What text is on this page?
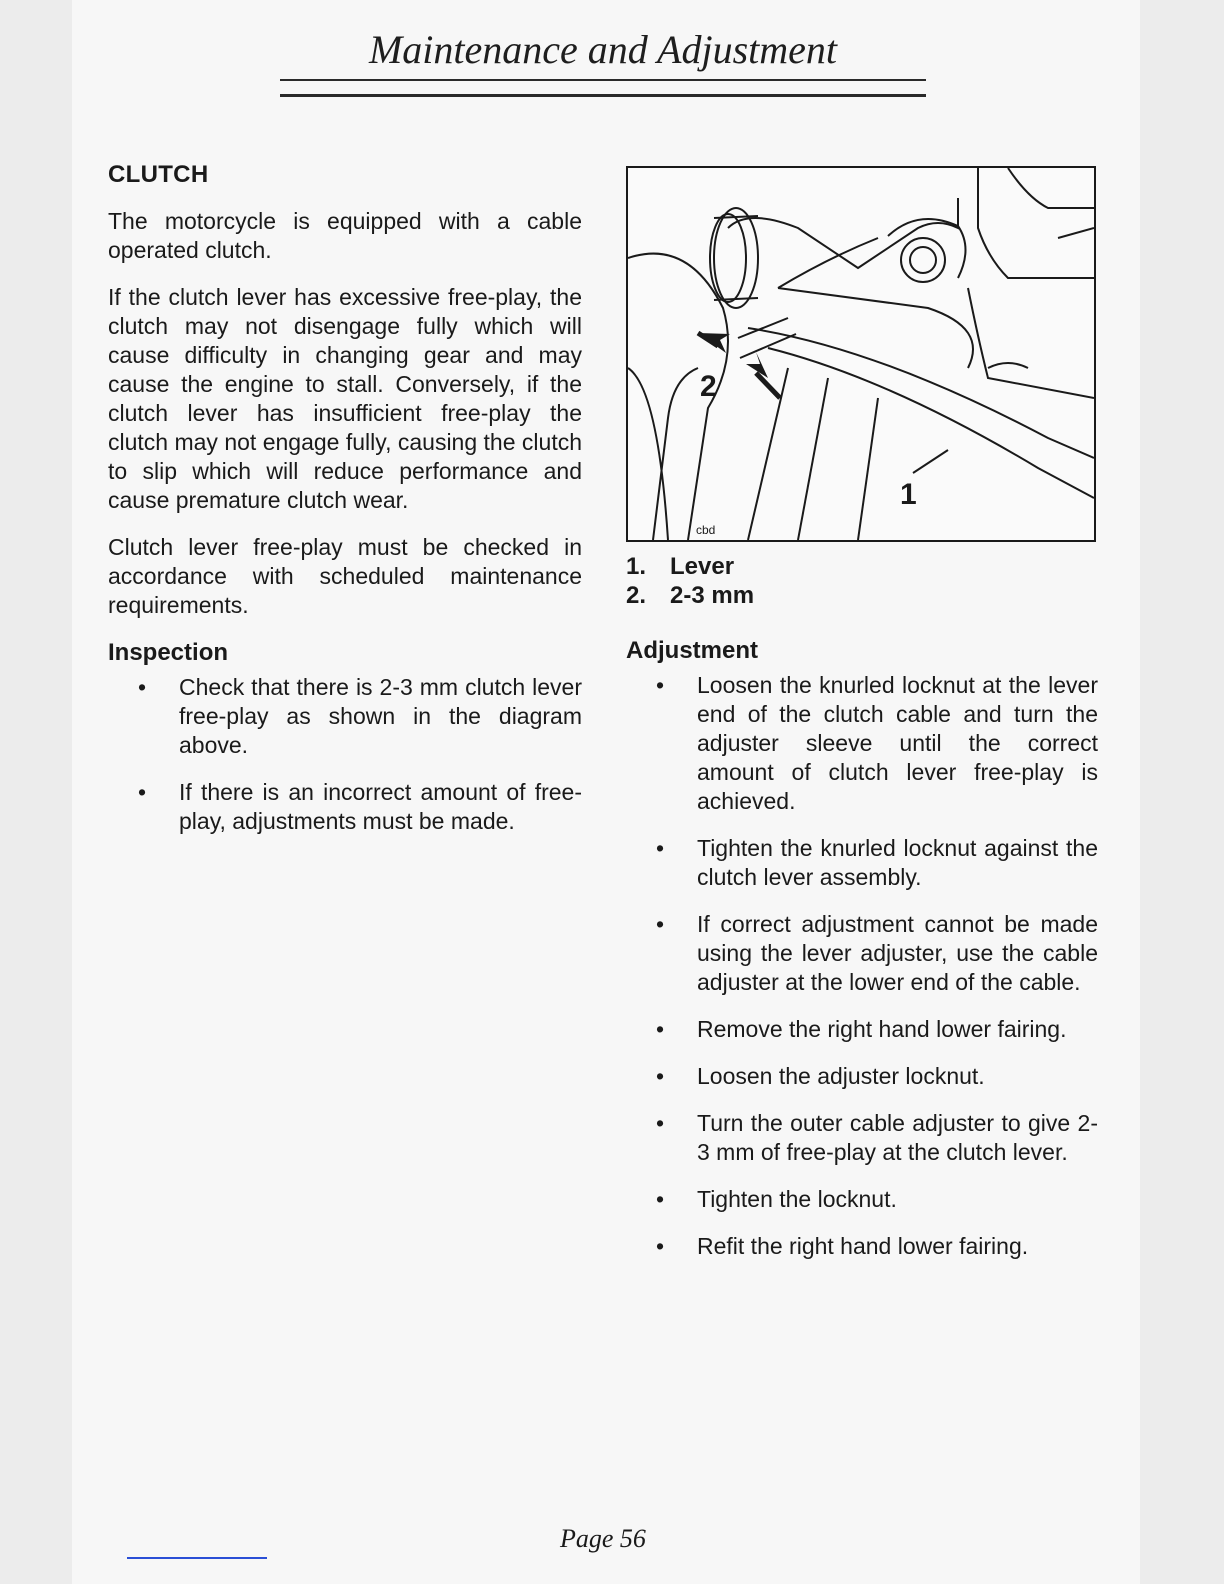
Maintenance and Adjustment
CLUTCH

The motorcycle is equipped with a cable operated clutch.

If the clutch lever has excessive free-play, the clutch may not disengage fully which will cause difficulty in changing gear and may cause the engine to stall. Conversely, if the clutch lever has insufficient free-play the clutch may not engage fully, causing the clutch to slip which will reduce performance and cause premature clutch wear.

Clutch lever free-play must be checked in accordance with scheduled maintenance requirements.

Inspection
• Check that there is 2-3 mm clutch lever free-play as shown in the diagram above.
• If there is an incorrect amount of free-play, adjustments must be made.
2
1
cbd
1. Lever
2. 2-3 mm
Adjustment
• Loosen the knurled locknut at the lever end of the clutch cable and turn the adjuster sleeve until the correct amount of clutch lever free-play is achieved.
• Tighten the knurled locknut against the clutch lever assembly.
• If correct adjustment cannot be made using the lever adjuster, use the cable adjuster at the lower end of the cable.
• Remove the right hand lower fairing.
• Loosen the adjuster locknut.
• Turn the outer cable adjuster to give 2-3 mm of free-play at the clutch lever.
• Tighten the locknut.
• Refit the right hand lower fairing.
Page 56
